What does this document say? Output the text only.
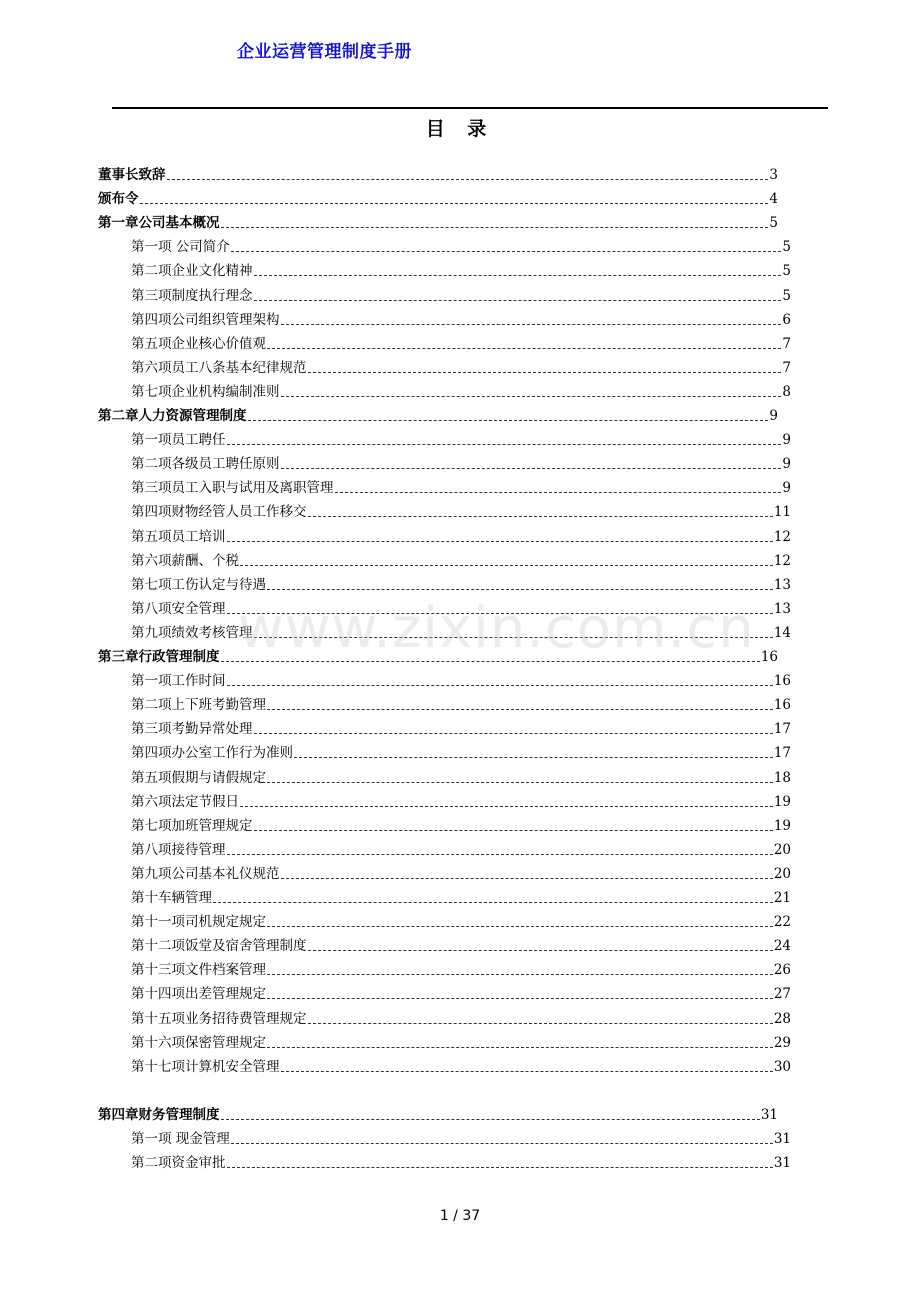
企业运营管理制度手册
目 录
董事长致辞	3
颁布令	4
第一章公司基本概况	5
第一项 公司简介	5
第二项企业文化精神	5
第三项制度执行理念	5
第四项公司组织管理架构	6
第五项企业核心价值观	7
第六项员工八条基本纪律规范	7
第七项企业机构编制准则	8
第二章人力资源管理制度	9
第一项员工聘任	9
第二项各级员工聘任原则	9
第三项员工入职与试用及离职管理	9
第四项财物经管人员工作移交	11
第五项员工培训	12
第六项薪酬、个税	12
第七项工伤认定与待遇	13
第八项安全管理	13
第九项绩效考核管理	14
第三章行政管理制度	16
第一项工作时间	16
第二项上下班考勤管理	16
第三项考勤异常处理	17
第四项办公室工作行为准则	17
第五项假期与请假规定	18
第六项法定节假日	19
第七项加班管理规定	19
第八项接待管理	20
第九项公司基本礼仪规范	20
第十车辆管理	21
第十一项司机规定规定	22
第十二项饭堂及宿舍管理制度	24
第十三项文件档案管理	26
第十四项出差管理规定	27
第十五项业务招待费管理规定	28
第十六项保密管理规定	29
第十七项计算机安全管理	30
第四章财务管理制度	31
第一项 现金管理	31
第二项资金审批	31
www.zixin.com.cn
1 / 37
